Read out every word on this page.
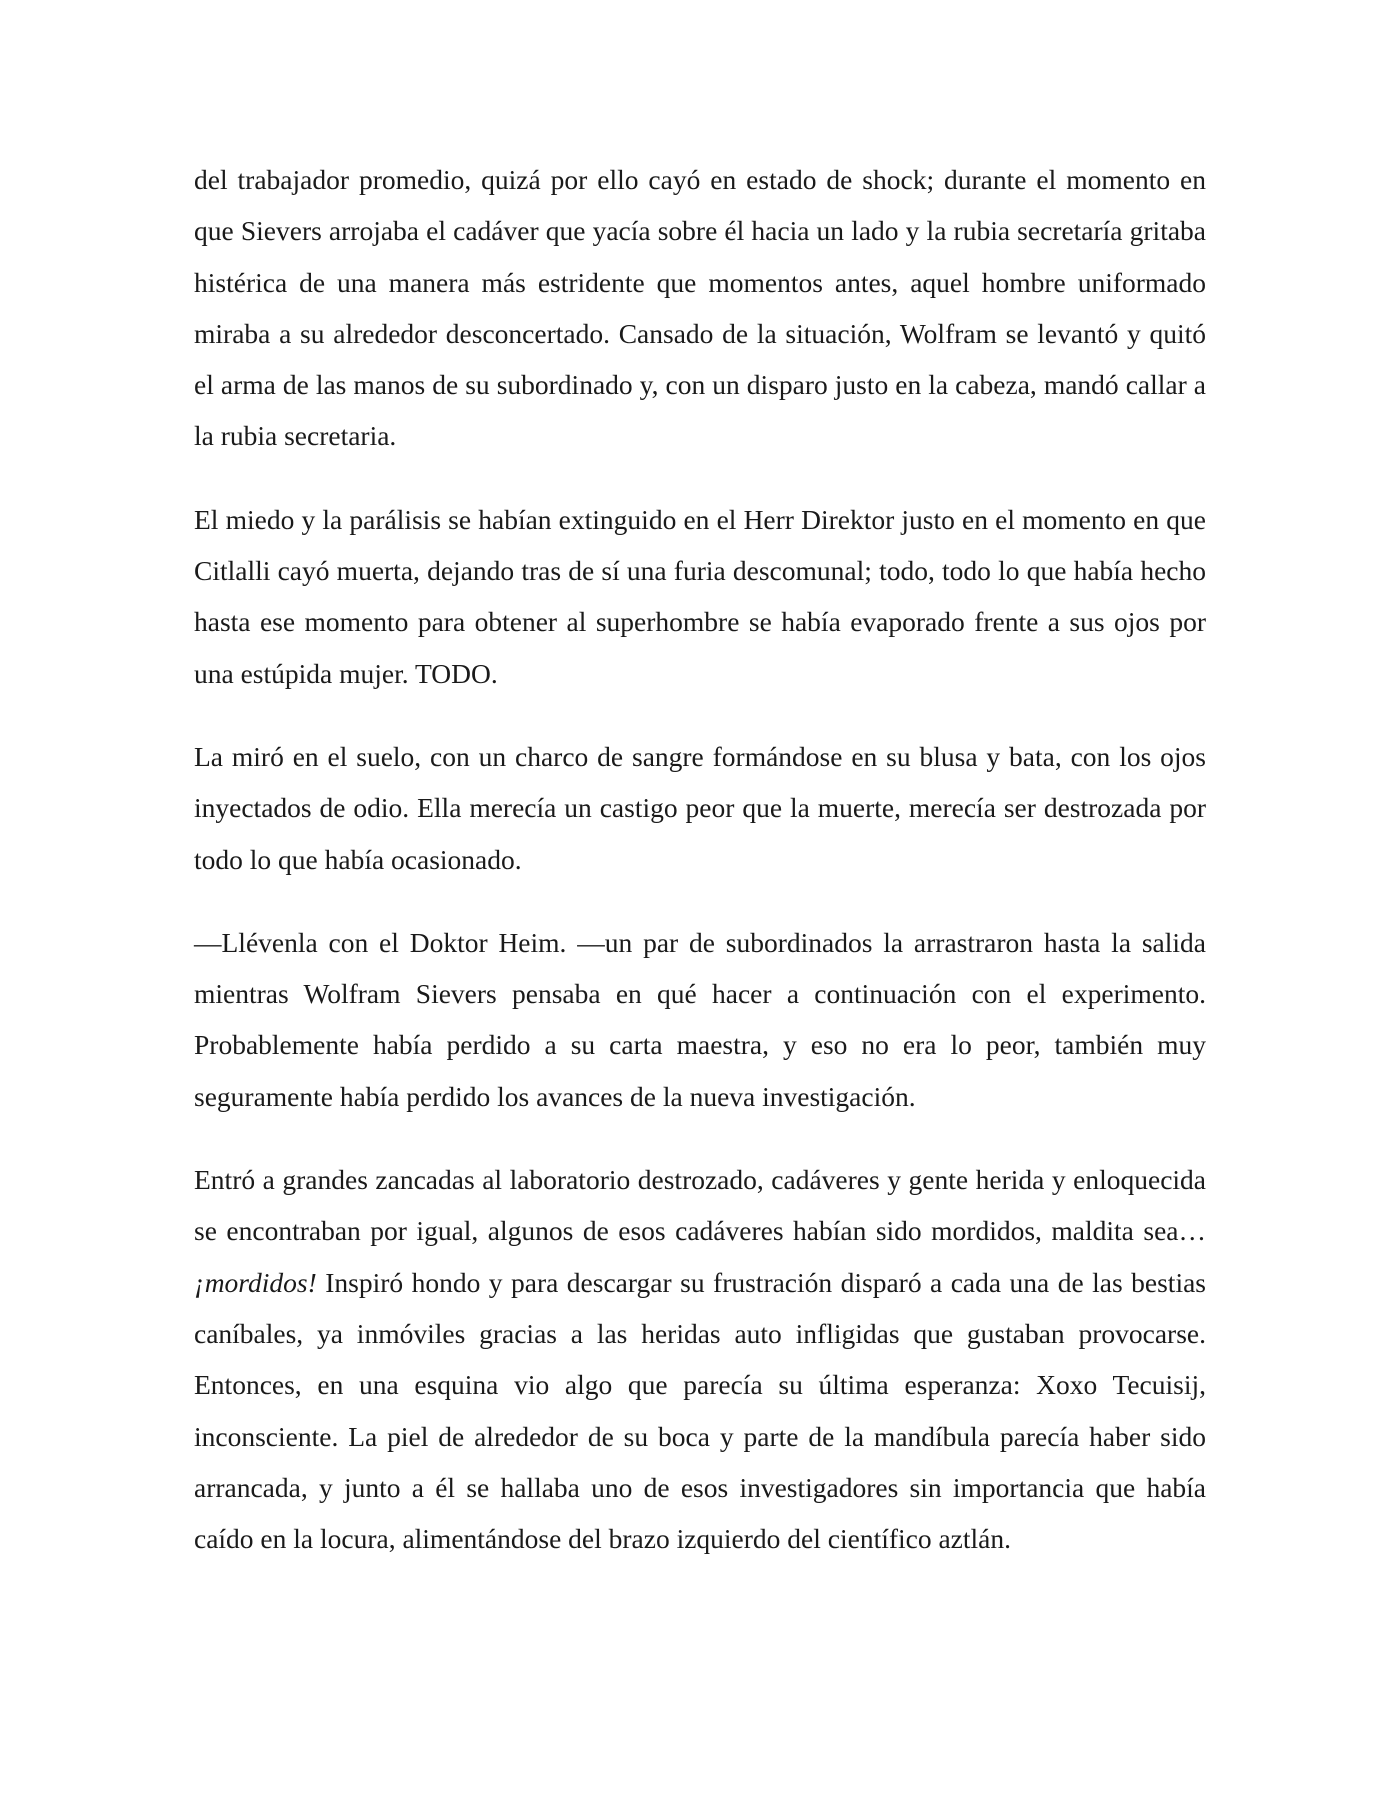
del trabajador promedio, quizá por ello cayó en estado de shock; durante el momento en que Sievers arrojaba el cadáver que yacía sobre él hacia un lado y la rubia secretaría gritaba histérica de una manera más estridente que momentos antes, aquel hombre uniformado miraba a su alrededor desconcertado. Cansado de la situación, Wolfram se levantó y quitó el arma de las manos de su subordinado y, con un disparo justo en la cabeza, mandó callar a la rubia secretaria.

El miedo y la parálisis se habían extinguido en el Herr Direktor justo en el momento en que Citlalli cayó muerta, dejando tras de sí una furia descomunal; todo, todo lo que había hecho hasta ese momento para obtener al superhombre se había evaporado frente a sus ojos por una estúpida mujer. TODO.

La miró en el suelo, con un charco de sangre formándose en su blusa y bata, con los ojos inyectados de odio. Ella merecía un castigo peor que la muerte, merecía ser destrozada por todo lo que había ocasionado.

—Llévenla con el Doktor Heim. —un par de subordinados la arrastraron hasta la salida mientras Wolfram Sievers pensaba en qué hacer a continuación con el experimento. Probablemente había perdido a su carta maestra, y eso no era lo peor, también muy seguramente había perdido los avances de la nueva investigación.

Entró a grandes zancadas al laboratorio destrozado, cadáveres y gente herida y enloquecida se encontraban por igual, algunos de esos cadáveres habían sido mordidos, maldita sea… ¡mordidos! Inspiró hondo y para descargar su frustración disparó a cada una de las bestias caníbales, ya inmóviles gracias a las heridas auto infligidas que gustaban provocarse. Entonces, en una esquina vio algo que parecía su última esperanza: Xoxo Tecuisij, inconsciente. La piel de alrededor de su boca y parte de la mandíbula parecía haber sido arrancada, y junto a él se hallaba uno de esos investigadores sin importancia que había caído en la locura, alimentándose del brazo izquierdo del científico aztlán.
